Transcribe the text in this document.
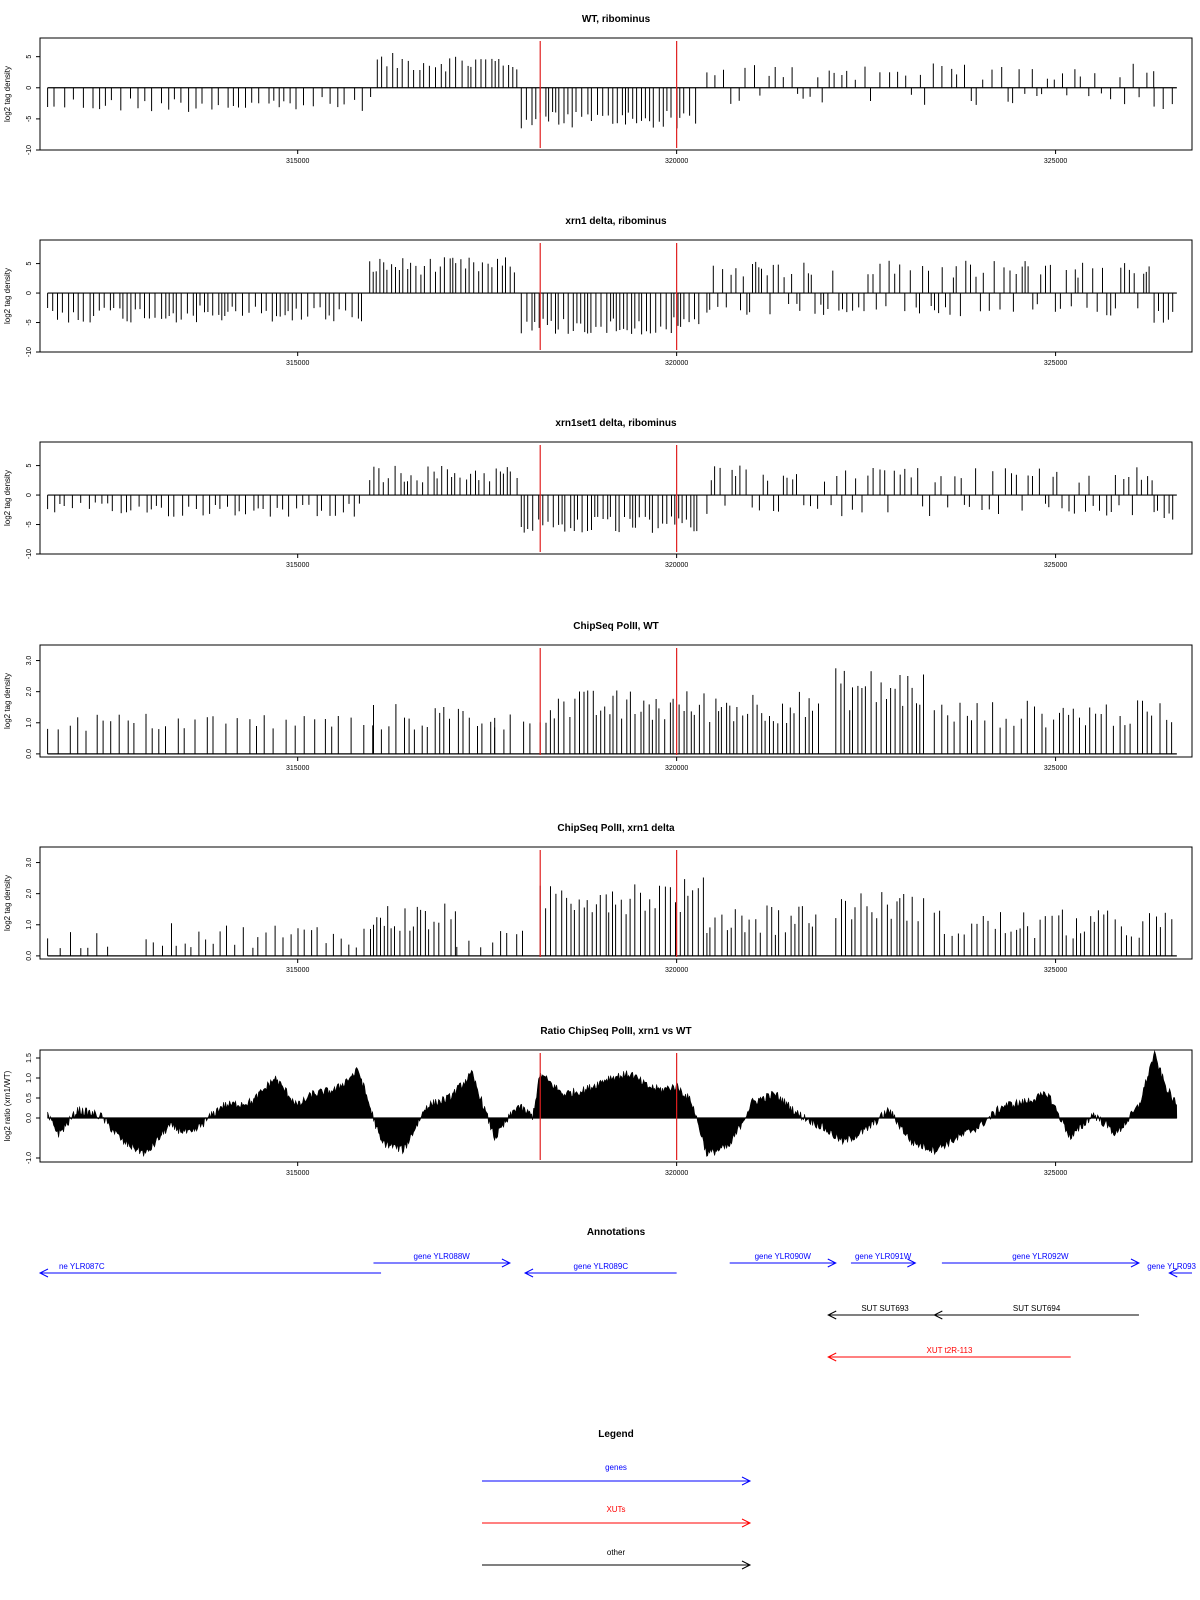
WT, ribominus
log2 tag density
-10
-5
0
5
315000	320000	325000
xrn1 delta, ribominus
log2 tag density
-10
-5
0
5
315000	320000	325000
xrn1set1 delta, ribominus
log2 tag density
-10
-5
0
5
315000	320000	325000
ChipSeq PolII, WT
log2 tag density
0.0
1.0
2.0
3.0
315000	320000	325000
ChipSeq PolII, xrn1 delta
log2 tag density
0.0
1.0
2.0
3.0
315000	320000	325000
Ratio ChipSeq PolII, xrn1 vs WT
log2 ratio (xrn1/WT)
-1.0
0.0
0.5
1.0
1.5
315000	320000	325000
Annotations
ne YLR087C
gene YLR088W
gene YLR089C
gene YLR090W	gene YLR091W	gene YLR092W
gene YLR093
SUT SUT693	SUT SUT694
XUT t2R-113
Legend
genes
XUTs
other
